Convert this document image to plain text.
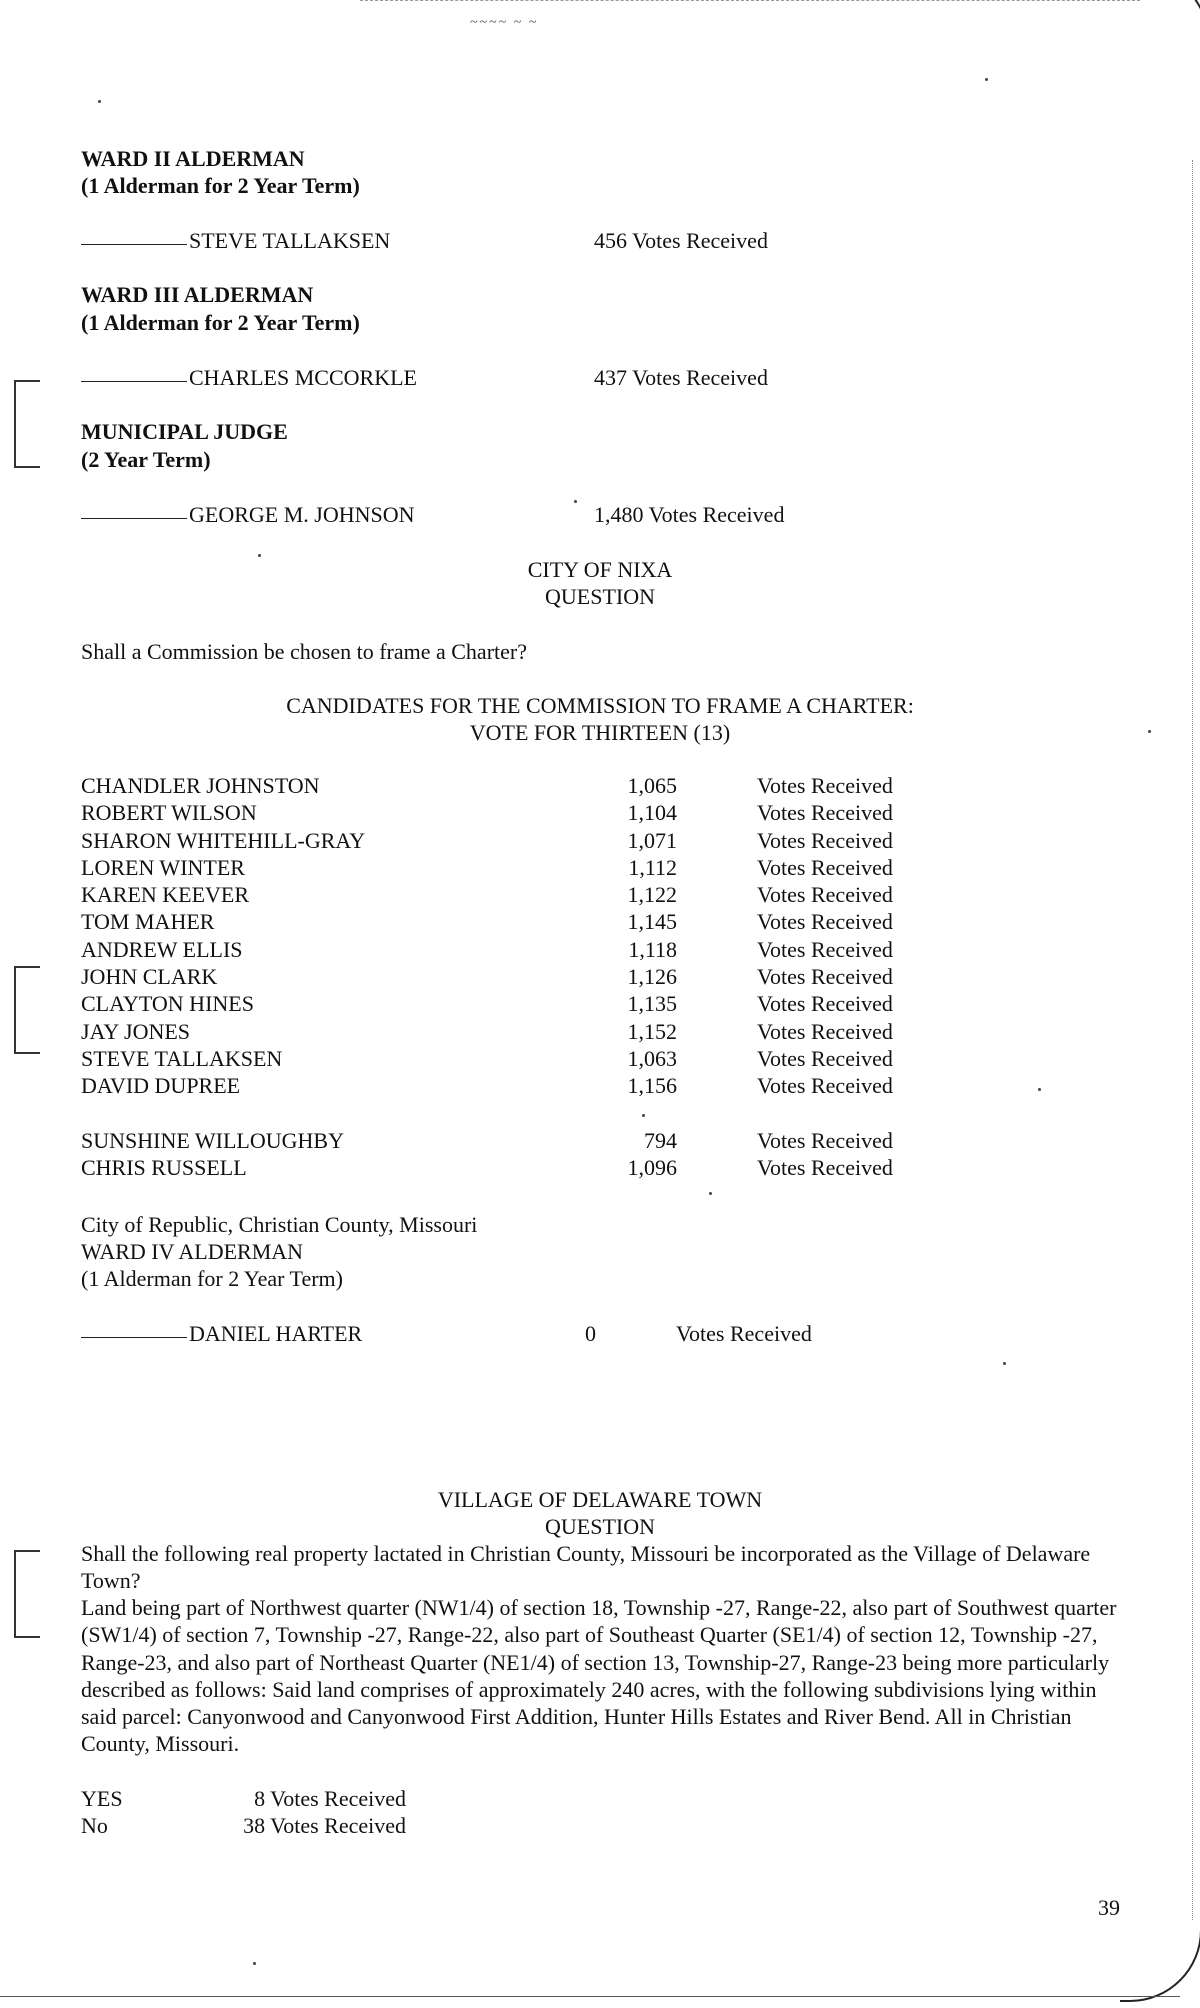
~~~~ ~ ~
WARD II ALDERMAN
(1 Alderman for 2 Year Term)
STEVE TALLAKSEN	456 Votes Received
WARD III ALDERMAN
(1 Alderman for 2 Year Term)
CHARLES MCCORKLE	437 Votes Received
MUNICIPAL JUDGE
(2 Year Term)
GEORGE M. JOHNSON	1,480 Votes Received
CITY OF NIXA
QUESTION
Shall a Commission be chosen to frame a Charter?
CANDIDATES FOR THE COMMISSION TO FRAME A CHARTER:
VOTE FOR THIRTEEN (13)
CHANDLER JOHNSTON	1,065	Votes Received
ROBERT WILSON	1,104	Votes Received
SHARON WHITEHILL-GRAY	1,071	Votes Received
LOREN WINTER	1,112	Votes Received
KAREN KEEVER	1,122	Votes Received
TOM MAHER	1,145	Votes Received
ANDREW ELLIS	1,118	Votes Received
JOHN CLARK	1,126	Votes Received
CLAYTON HINES	1,135	Votes Received
JAY JONES	1,152	Votes Received
STEVE TALLAKSEN	1,063	Votes Received
DAVID DUPREE	1,156	Votes Received
SUNSHINE WILLOUGHBY	794	Votes Received
CHRIS RUSSELL	1,096	Votes Received
City of Republic, Christian County, Missouri
WARD IV ALDERMAN
(1 Alderman for 2 Year Term)
DANIEL HARTER	0	Votes Received
VILLAGE OF DELAWARE TOWN
QUESTION
Shall the following real property lactated in Christian County, Missouri be incorporated as the Village of Delaware Town?
Land being part of Northwest quarter (NW1/4) of section 18, Township -27, Range-22, also part of Southwest quarter (SW1/4) of section 7, Township -27, Range-22, also part of Southeast Quarter (SE1/4) of section 12, Township -27, Range-23, and also part of Northeast Quarter (NE1/4) of section 13, Township-27, Range-23 being more particularly described as follows: Said land comprises of approximately 240 acres, with the following subdivisions lying within said parcel: Canyonwood and Canyonwood First Addition, Hunter Hills Estates and River Bend. All in Christian County, Missouri.
YES	8 Votes Received
No	38 Votes Received
39
